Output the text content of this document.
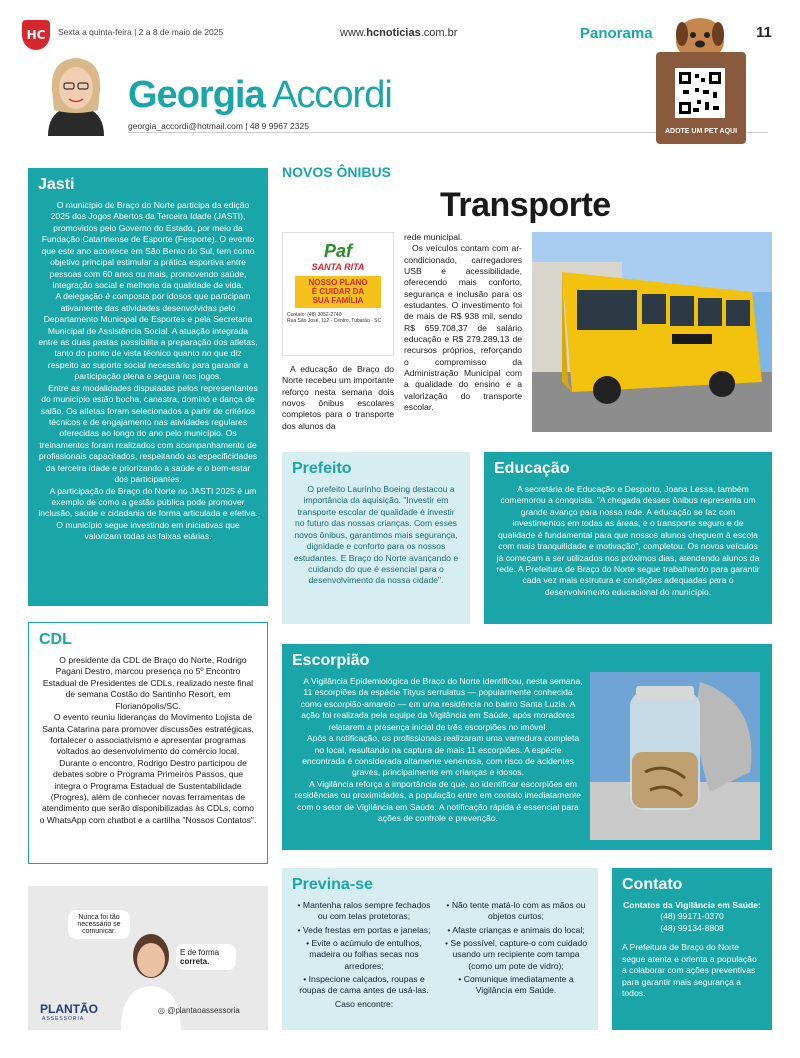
HC	Sexta a quinta-feira | 2 a 8 de maio de 2025	www.hcnoticias.com.br	Panorama	11
Georgia Accordi
georgia_accordi@hotmail.com | 48 9 9967 2325
ADOTE UM PET AQUI
Jasti

O município de Braço do Norte participa da edição 2025 dos Jogos Abertos da Terceira Idade (JASTI), promovidos pelo Governo do Estado, por meio da Fundação Catarinense de Esporte (Fesporte). O evento que este ano acontece em São Bento do Sul, tem como objetivo principal estimular a prática esportiva entre pessoas com 60 anos ou mais, promovendo saúde, integração social e melhoria da qualidade de vida.

A delegação é composta por idosos que participam ativamente das atividades desenvolvidas pelo Departamento Municipal de Esportes e pela Secretaria Municipal de Assistência Social. A atuação integrada entre as duas pastas possibilita a preparação dos atletas, tanto do ponto de vista técnico quanto no que diz respeito ao suporte social necessário para garantir a participação plena e segura nos jogos.

Entre as modalidades disputadas pelos representantes do município estão bocha, canastra, dominó e dança de salão. Os atletas foram selecionados a partir de critérios técnicos e de engajamento nas atividades regulares oferecidas ao longo do ano pelo município. Os treinamentos foram realizados com acompanhamento de profissionais capacitados, respeitando as especificidades da terceira idade e priorizando a saúde e o bem-estar dos participantes.

A participação de Braço do Norte no JASTI 2025 é um exemplo de como a gestão pública pode promover inclusão, saúde e cidadania de forma articulada e efetiva. O município segue investindo em iniciativas que valorizam todas as faixas etárias.

CDL

O presidente da CDL de Braço do Norte, Rodrigo Pagani Destro, marcou presença no 5º Encontro Estadual de Presidentes de CDLs, realizado neste final de semana Costão do Santinho Resort, em Florianópolis/SC.

O evento reuniu lideranças do Movimento Lojista de Santa Catarina para promover discussões estratégicas, fortalecer o associativismo e apresentar programas voltados ao desenvolvimento do comércio local.

Durante o encontro, Rodrigo Destro participou de debates sobre o Programa Primeiros Passos, que integra o Programa Estadual de Sustentabilidade (Progres), além de conhecer novas ferramentas de atendimento que serão disponibilizadas às CDLs, como o WhatsApp com chatbot e a cartilha "Nossos Contatos".

Nunca foi tão necessário se comunicar.
E de forma correta.
PLANTÃO
ASSESSORIA
◎ @plantaoassessoria
NOVOS ÔNIBUS
Transporte
Paf
SANTA RITA
NOSSO PLANO
É CUIDAR DA
SUA FAMÍLIA
Contato: (48) 3052-2740
Rua São José, 112 - Centro, Tubarão - SC

A educação de Braço do Norte recebeu um importante reforço nesta semana dois novos ônibus escolares completos para o transporte dos alunos da

rede municipal.

Os veículos contam com ar-condicionado, carregadores USB e acessibilidade, oferecendo mais conforto, segurança e inclusão para os estudantes. O investimento foi de mais de R$ 938 mil, sendo R$ 659.708,37 de salário educação e R$ 279.289,13 de recursos próprios, reforçando o compromisso da Administração Municipal com a qualidade do ensino e a valorização do transporte escolar.

Prefeito

O prefeito Laurinho Boeing destacou a importância da aquisição. "Investir em transporte escolar de qualidade é investir no futuro das nossas crianças. Com esses novos ônibus, garantimos mais segurança, dignidade e conforto para os nossos estudantes. E Braço do Norte avançando e cuidando do que é essencial para o desenvolvimento da nossa cidade".

Educação

A secretária de Educação e Desporto, Joana Lessa, também comemorou a conquista. "A chegada desses ônibus representa um grande avanço para nossa rede. A educação se faz com investimentos em todas as áreas, e o transporte seguro e de qualidade é fundamental para que nossos alunos cheguem à escola com mais tranquilidade e motivação", completou. Os novos veículos já começam a ser utilizados nos próximos dias, atendendo alunos da rede. A Prefeitura de Braço do Norte segue trabalhando para garantir cada vez mais estrutura e condições adequadas para o desenvolvimento educacional do município.

Escorpião

A Vigilância Epidemiológica de Braço do Norte identificou, nesta semana, 11 escorpiões da espécie Tityus serrulatus — popularmente conhecida como escorpião-amarelo — em uma residência no bairro Santa Luzia. A ação foi realizada pela equipe da Vigilância em Saúde, após moradores relatarem a presença inicial de três escorpiões no imóvel.

Após a notificação, os profissionais realizaram uma varredura completa no local, resultando na captura de mais 11 escorpiões. A espécie encontrada é considerada altamente venenosa, com risco de acidentes graves, principalmente em crianças e idosos.

A Vigilância reforça a importância de que, ao identificar escorpiões em residências ou proximidades, a população entre em contato imediatamente com o setor de Vigilância em Saúde. A notificação rápida é essencial para ações de controle e prevenção.

Previna-se
• Mantenha ralos sempre fechados ou com telas protetoras;
• Vede frestas em portas e janelas;
• Evite o acúmulo de entulhos, madeira ou folhas secas nos arredores;
• Inspecione calçados, roupas e roupas de cama antes de usá-las.
Caso encontre:
• Não tente matá-lo com as mãos ou objetos curtos;
• Afaste crianças e animais do local;
• Se possível, capture-o com cuidado usando um recipiente com tampa (como um pote de vidro);
• Comunique imediatamente a Vigilância em Saúde.
Contato
Contatos da Vigilância em Saúde:
(48) 99171-0370
(48) 99134-8808
A Prefeitura de Braço do Norte segue atenta e orienta a população a colaborar com ações preventivas para garantir mais segurança a todos.
